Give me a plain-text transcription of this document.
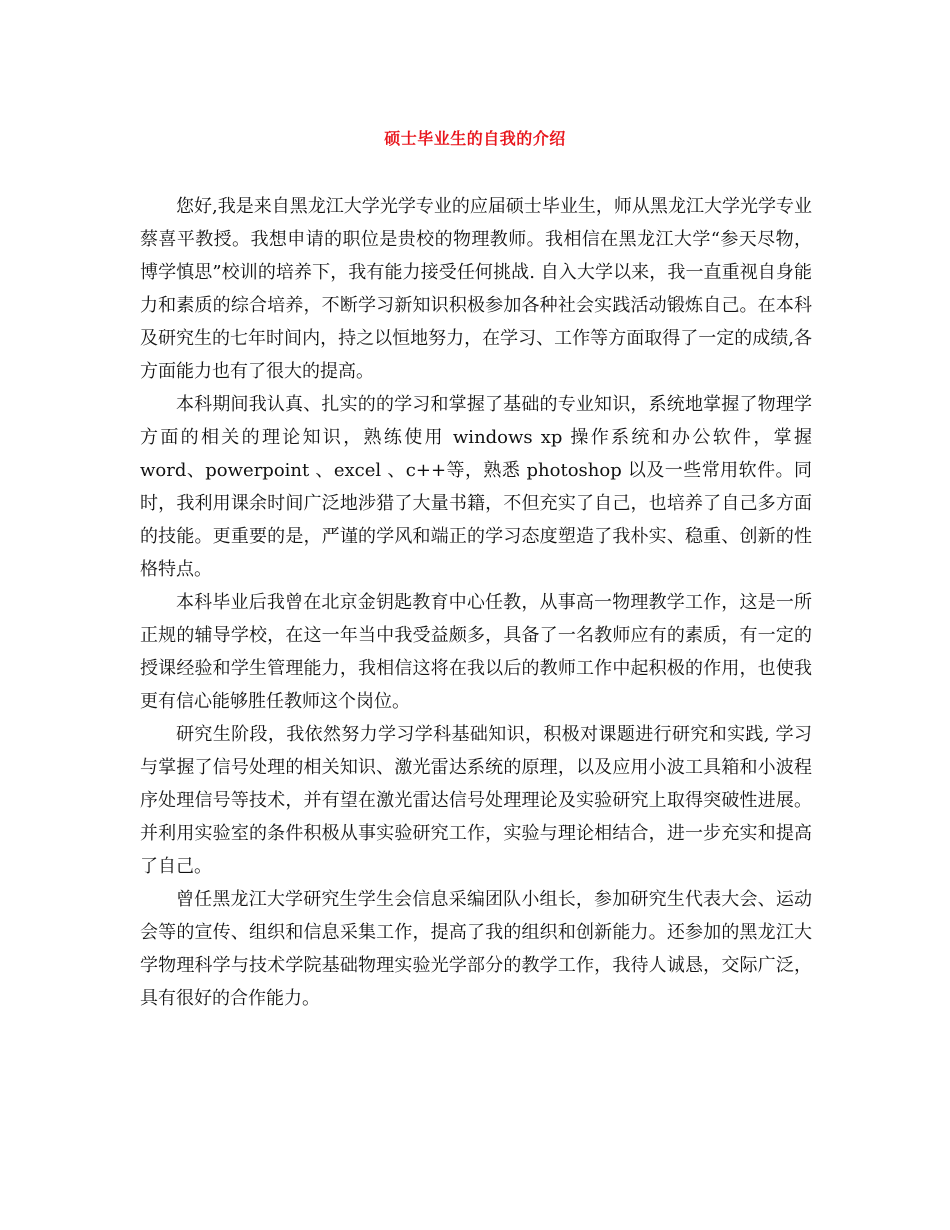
硕士毕业生的自我的介绍

您好,我是来自黑龙江大学光学专业的应届硕士毕业生，师从黑龙江大学光学专业蔡喜平教授。我想申请的职位是贵校的物理教师。我相信在黑龙江大学“参天尽物，博学慎思”校训的培养下，我有能力接受任何挑战. 自入大学以来，我一直重视自身能力和素质的综合培养，不断学习新知识积极参加各种社会实践活动锻炼自己。在本科及研究生的七年时间内，持之以恒地努力，在学习、工作等方面取得了一定的成绩,各方面能力也有了很大的提高。

本科期间我认真、扎实的的学习和掌握了基础的专业知识，系统地掌握了物理学方面的相关的理论知识，熟练使用 windows xp 操作系统和办公软件，掌握 word、powerpoint 、excel 、c++等，熟悉 photoshop 以及一些常用软件。同时，我利用课余时间广泛地涉猎了大量书籍，不但充实了自己，也培养了自己多方面的技能。更重要的是，严谨的学风和端正的学习态度塑造了我朴实、稳重、创新的性格特点。

本科毕业后我曾在北京金钥匙教育中心任教，从事高一物理教学工作，这是一所正规的辅导学校，在这一年当中我受益颇多，具备了一名教师应有的素质，有一定的授课经验和学生管理能力，我相信这将在我以后的教师工作中起积极的作用，也使我更有信心能够胜任教师这个岗位。

研究生阶段，我依然努力学习学科基础知识，积极对课题进行研究和实践, 学习与掌握了信号处理的相关知识、激光雷达系统的原理，以及应用小波工具箱和小波程序处理信号等技术，并有望在激光雷达信号处理理论及实验研究上取得突破性进展。并利用实验室的条件积极从事实验研究工作，实验与理论相结合，进一步充实和提高了自己。

曾任黑龙江大学研究生学生会信息采编团队小组长，参加研究生代表大会、运动会等的宣传、组织和信息采集工作，提高了我的组织和创新能力。还参加的黑龙江大学物理科学与技术学院基础物理实验光学部分的教学工作，我待人诚恳，交际广泛，具有很好的合作能力。
